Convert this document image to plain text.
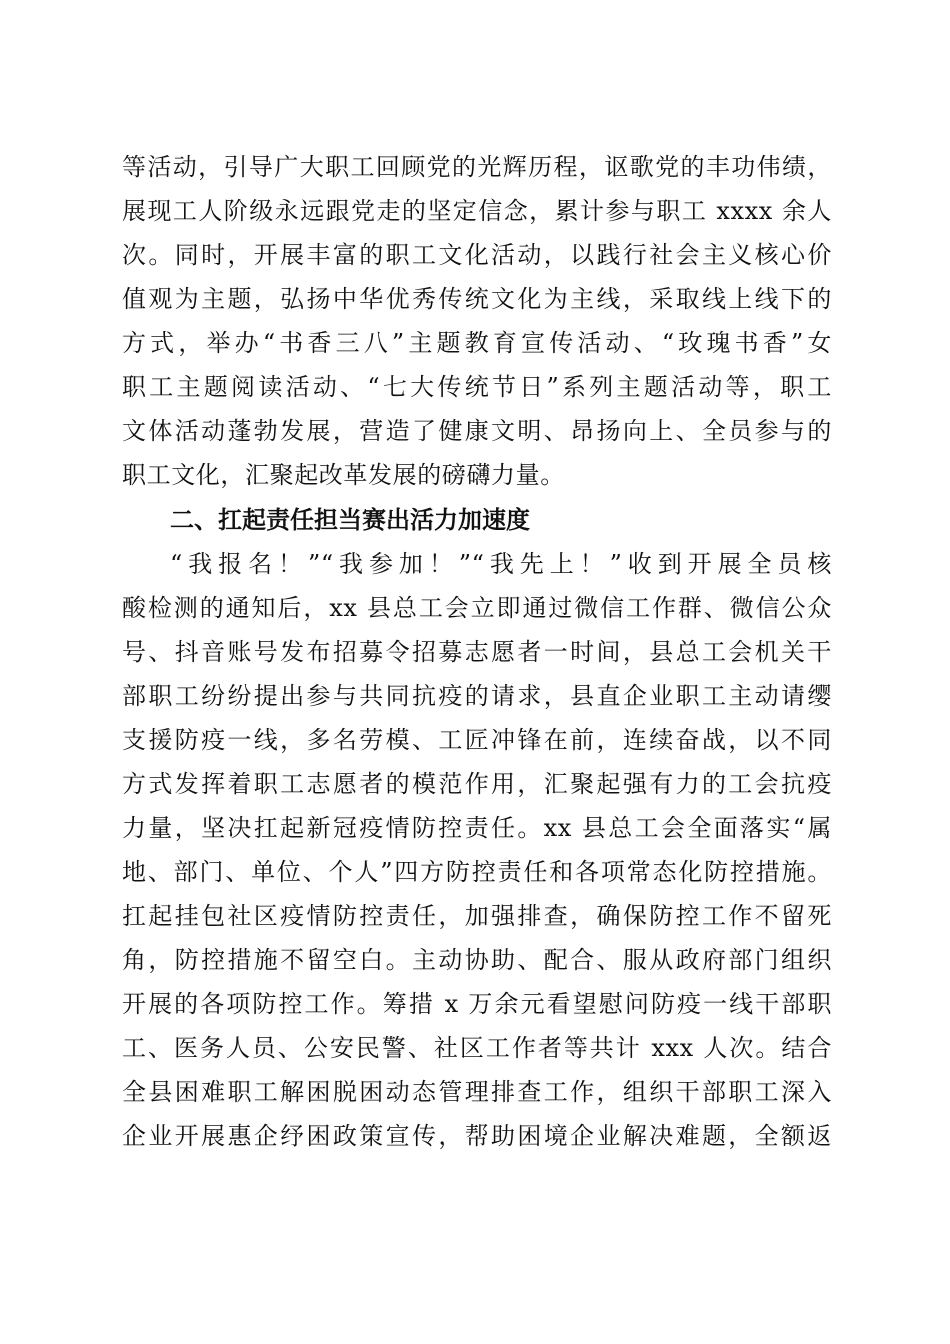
等活动，引导广大职工回顾党的光辉历程，讴歌党的丰功伟绩，
展现工人阶级永远跟党走的坚定信念，累计参与职工 xxxx 余人
次。同时，开展丰富的职工文化活动，以践行社会主义核心价
值观为主题，弘扬中华优秀传统文化为主线，采取线上线下的
方式，举办“书香三八”主题教育宣传活动、“玫瑰书香”女
职工主题阅读活动、“七大传统节日”系列主题活动等，职工
文体活动蓬勃发展，营造了健康文明、昂扬向上、全员参与的
职工文化，汇聚起改革发展的磅礴力量。
二、扛起责任担当赛出活力加速度
“我报名！”“我参加！”“我先上！”收到开展全员核
酸检测的通知后，xx 县总工会立即通过微信工作群、微信公众
号、抖音账号发布招募令招募志愿者一时间，县总工会机关干
部职工纷纷提出参与共同抗疫的请求，县直企业职工主动请缨
支援防疫一线，多名劳模、工匠冲锋在前，连续奋战，以不同
方式发挥着职工志愿者的模范作用，汇聚起强有力的工会抗疫
力量，坚决扛起新冠疫情防控责任。xx 县总工会全面落实“属
地、部门、单位、个人”四方防控责任和各项常态化防控措施。
扛起挂包社区疫情防控责任，加强排查，确保防控工作不留死
角，防控措施不留空白。主动协助、配合、服从政府部门组织
开展的各项防控工作。筹措 x 万余元看望慰问防疫一线干部职
工、医务人员、公安民警、社区工作者等共计 xxx 人次。结合
全县困难职工解困脱困动态管理排查工作，组织干部职工深入
企业开展惠企纾困政策宣传，帮助困境企业解决难题，全额返
